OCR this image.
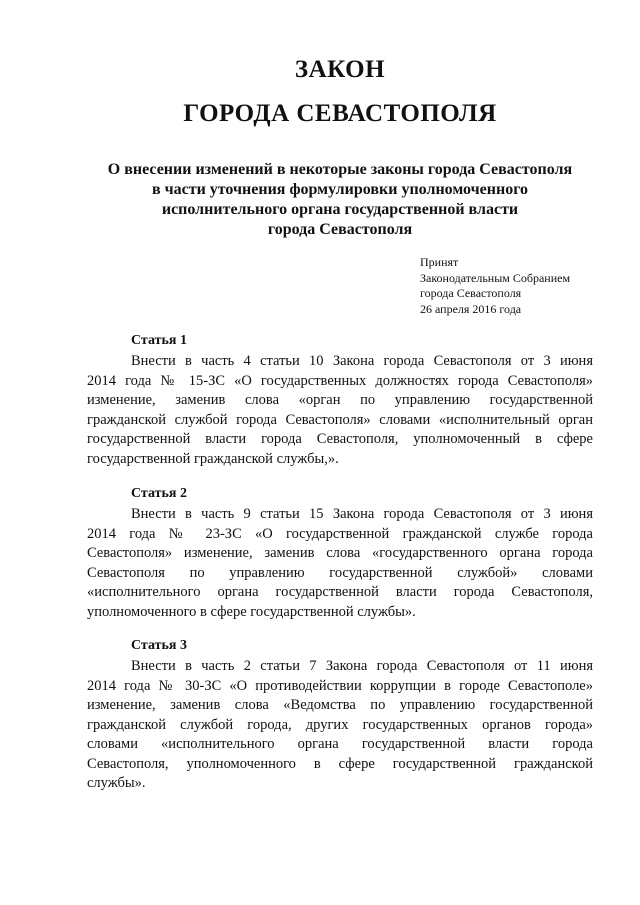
ЗАКОН
ГОРОДА СЕВАСТОПОЛЯ
О внесении изменений в некоторые законы города Севастополя
в части уточнения формулировки уполномоченного
исполнительного органа государственной власти
города Севастополя
Принят
Законодательным Собранием
города Севастополя
26 апреля 2016 года
Статья 1
Внести в часть 4 статьи 10 Закона города Севастополя от 3 июня
2014 года № 15-ЗС «О государственных должностях города Севастополя»
изменение, заменив слова «орган по управлению государственной
гражданской службой города Севастополя» словами «исполнительный орган
государственной власти города Севастополя, уполномоченный в сфере
государственной гражданской службы,».
Статья 2
Внести в часть 9 статьи 15 Закона города Севастополя от 3 июня
2014 года № 23-ЗС «О государственной гражданской службе города
Севастополя» изменение, заменив слова «государственного органа города
Севастополя по управлению государственной службой» словами
«исполнительного органа государственной власти города Севастополя,
уполномоченного в сфере государственной службы».
Статья 3
Внести в часть 2 статьи 7 Закона города Севастополя от 11 июня
2014 года № 30-ЗС «О противодействии коррупции в городе Севастополе»
изменение, заменив слова «Ведомства по управлению государственной
гражданской службой города, других государственных органов города»
словами «исполнительного органа государственной власти города
Севастополя, уполномоченного в сфере государственной гражданской
службы».
